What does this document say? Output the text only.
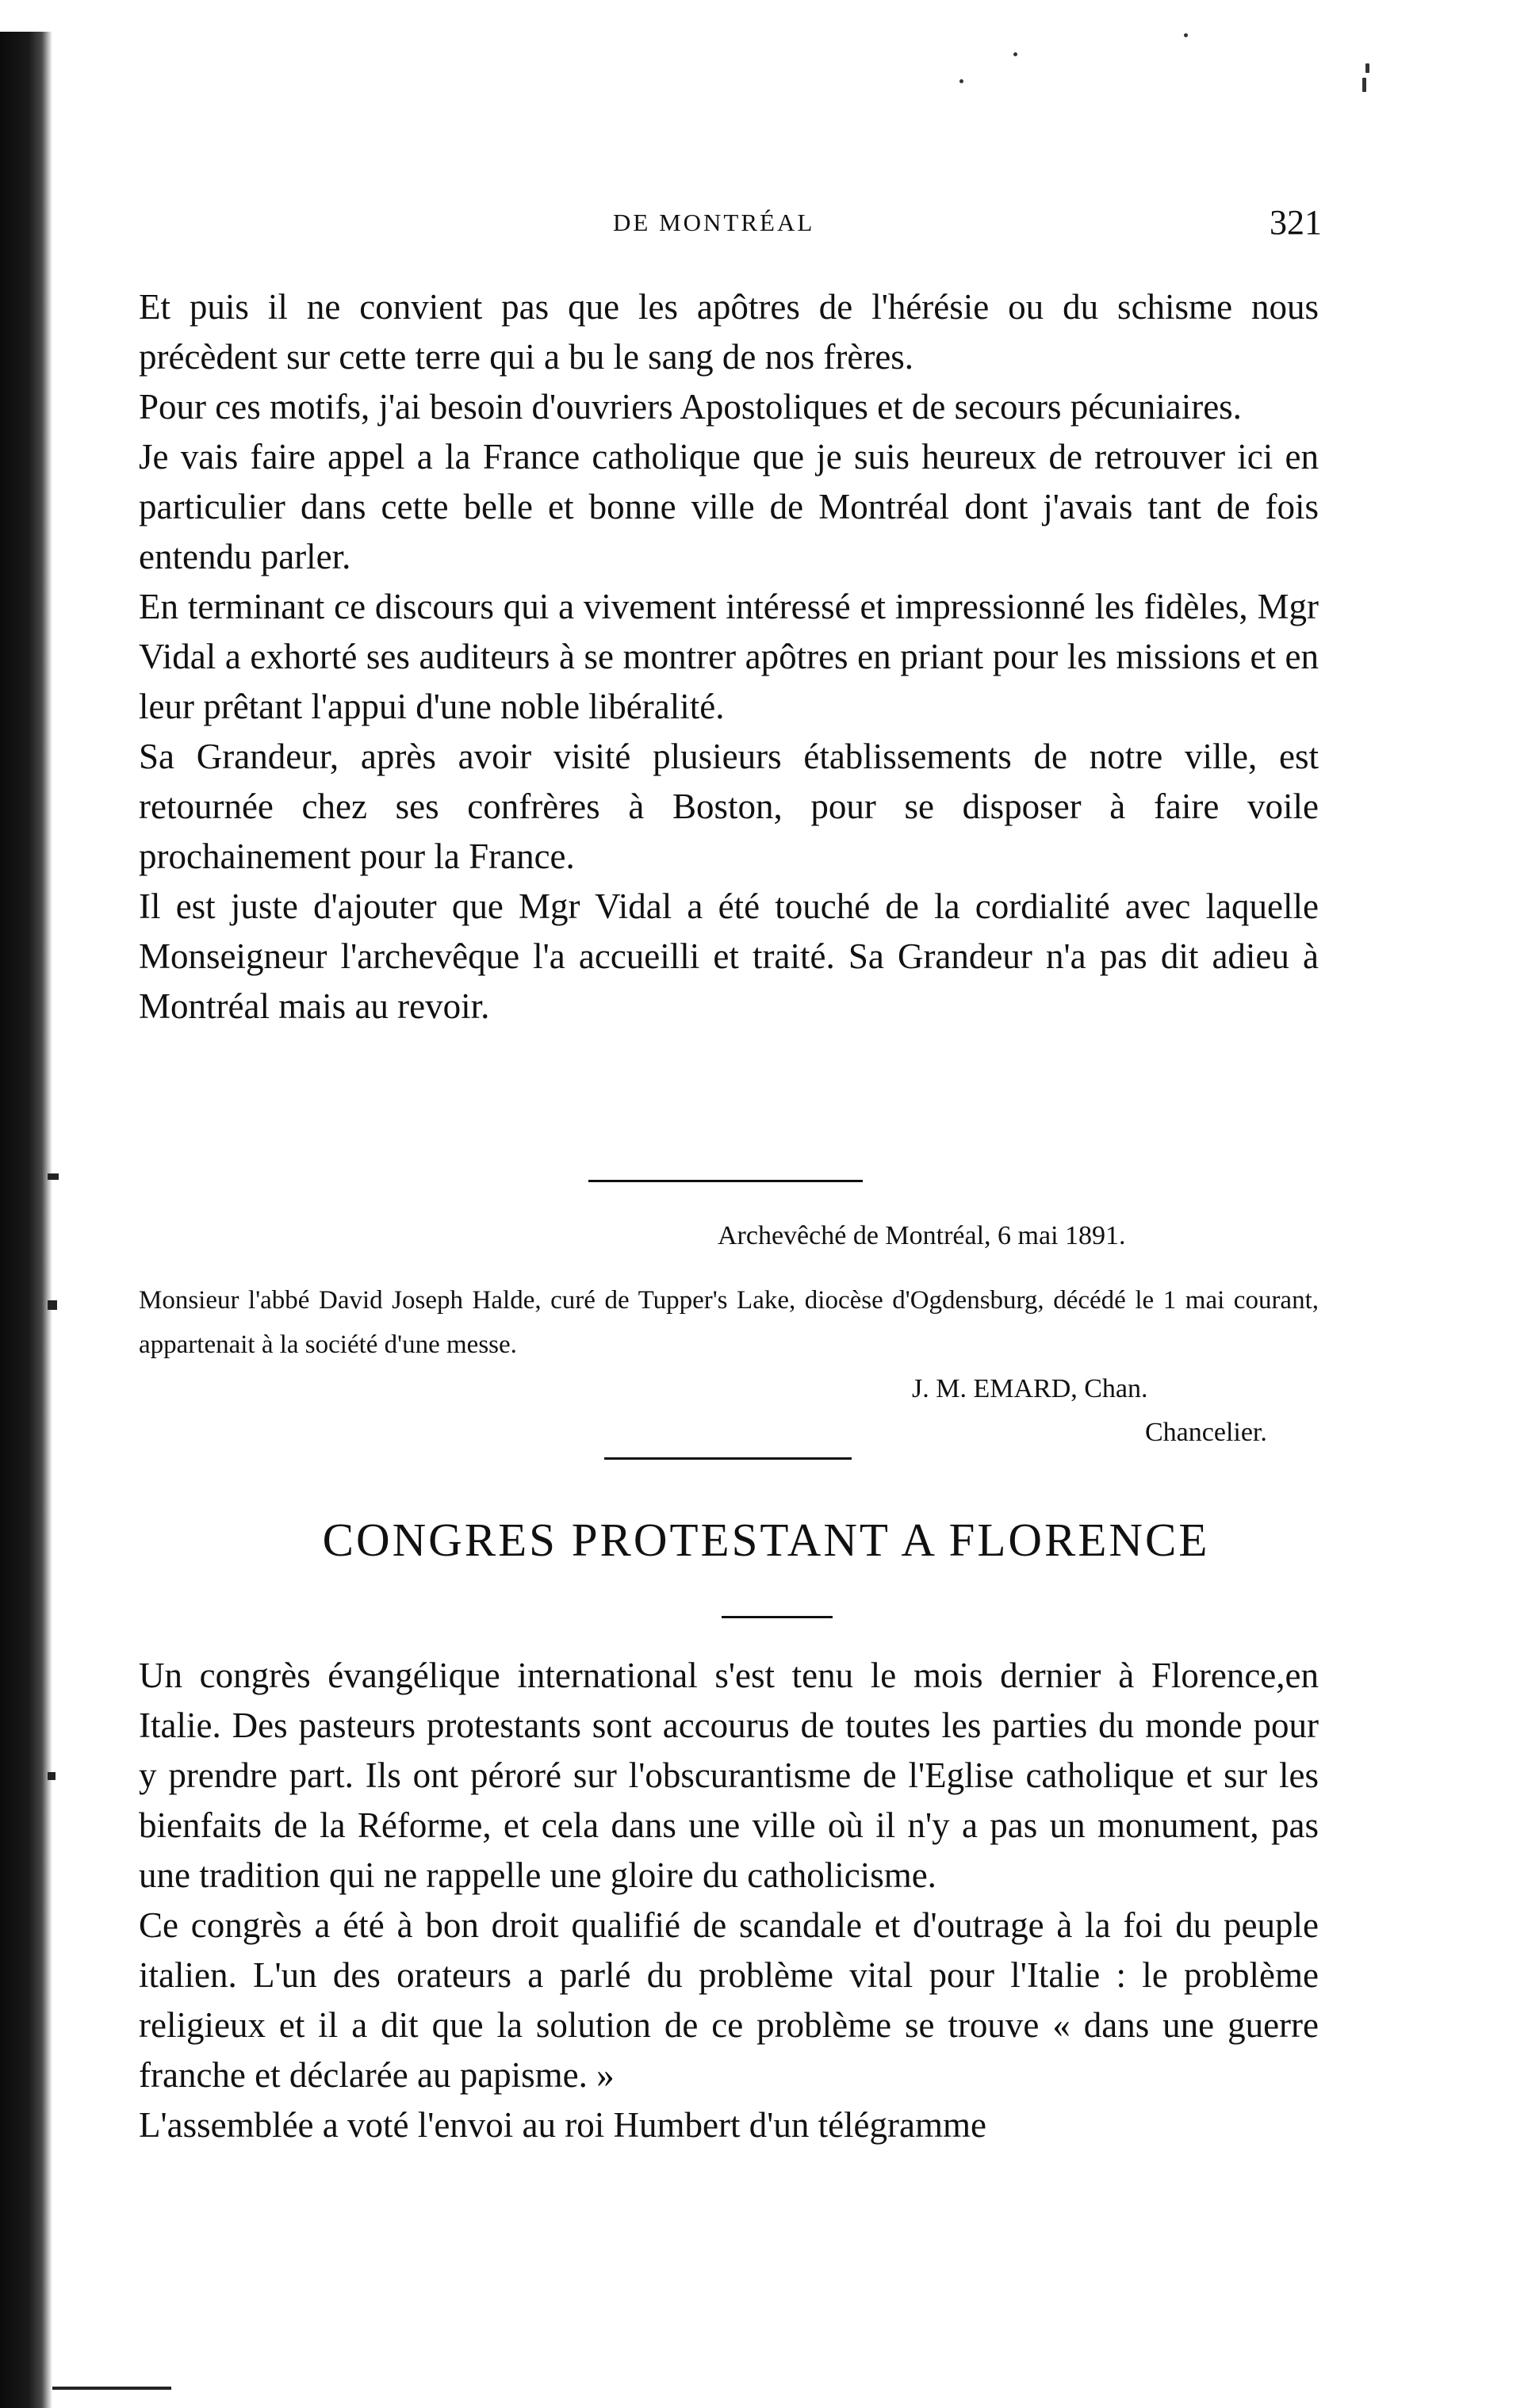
DE MONTRÉAL	321

Et puis il ne convient pas que les apôtres de l'hérésie ou du schisme nous précèdent sur cette terre qui a bu le sang de nos frères.

Pour ces motifs, j'ai besoin d'ouvriers Apostoliques et de secours pécuniaires.

Je vais faire appel a la France catholique que je suis heureux de retrouver ici en particulier dans cette belle et bonne ville de Montréal dont j'avais tant de fois entendu parler.

En terminant ce discours qui a vivement intéressé et impressionné les fidèles, Mgr Vidal a exhorté ses auditeurs à se montrer apôtres en priant pour les missions et en leur prêtant l'appui d'une noble libéralité.

Sa Grandeur, après avoir visité plusieurs établissements de notre ville, est retournée chez ses confrères à Boston, pour se disposer à faire voile prochainement pour la France.

Il est juste d'ajouter que Mgr Vidal a été touché de la cordialité avec laquelle Monseigneur l'archevêque l'a accueilli et traité. Sa Grandeur n'a pas dit adieu à Montréal mais au revoir.

Archevêché de Montréal, 6 mai 1891.
Monsieur l'abbé David Joseph Halde, curé de Tupper's Lake, diocèse d'Ogdensburg, décédé le 1 mai courant, appartenait à la société d'une messe.
J. M. EMARD, Chan.
Chancelier.
CONGRES PROTESTANT A FLORENCE

Un congrès évangélique international s'est tenu le mois dernier à Florence,en Italie. Des pasteurs protestants sont accourus de toutes les parties du monde pour y prendre part. Ils ont péroré sur l'obscurantisme de l'Eglise catholique et sur les bienfaits de la Réforme, et cela dans une ville où il n'y a pas un monument, pas une tradition qui ne rappelle une gloire du catholicisme.

Ce congrès a été à bon droit qualifié de scandale et d'outrage à la foi du peuple italien. L'un des orateurs a parlé du problème vital pour l'Italie : le problème religieux et il a dit que la solution de ce problème se trouve « dans une guerre franche et déclarée au papisme. »

L'assemblée a voté l'envoi au roi Humbert d'un télégramme
